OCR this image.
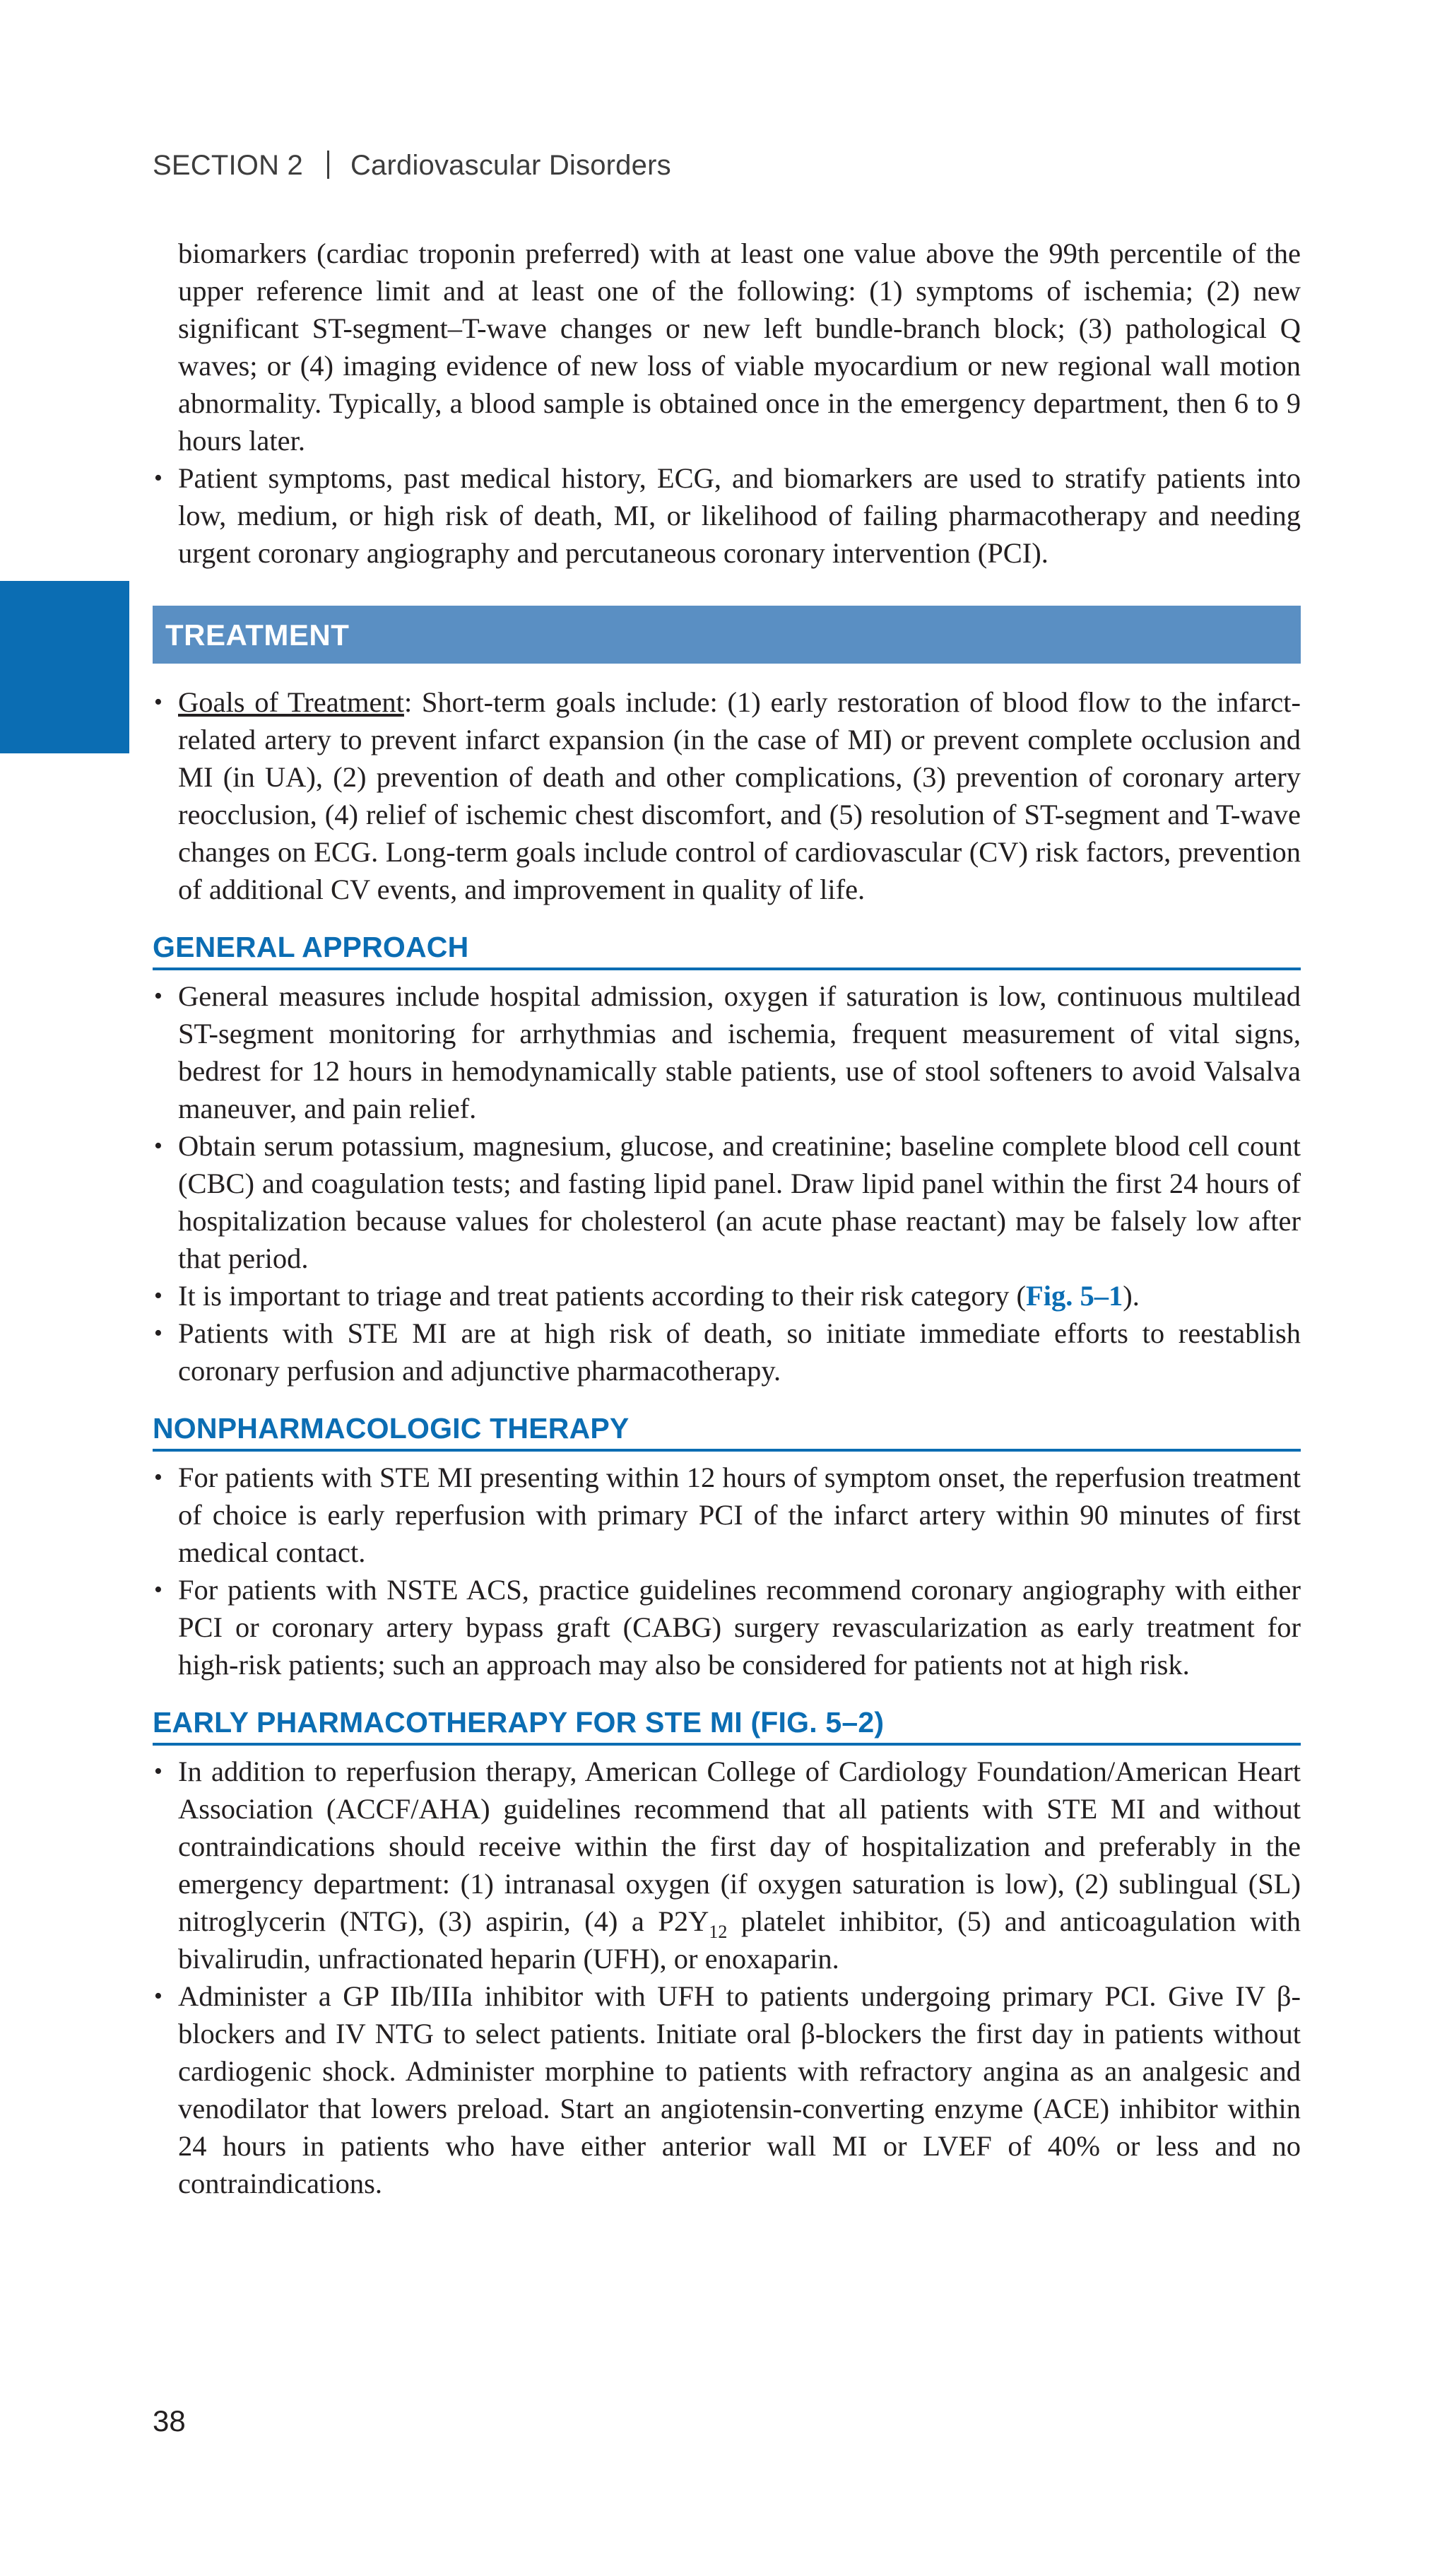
SECTION 2 Cardiovascular Disorders

biomarkers (cardiac troponin preferred) with at least one value above the 99th percentile of the upper reference limit and at least one of the following: (1) symptoms of ischemia; (2) new significant ST-segment–T-wave changes or new left bundle-branch block; (3) pathological Q waves; or (4) imaging evidence of new loss of viable myocardium or new regional wall motion abnormality. Typically, a blood sample is obtained once in the emergency department, then 6 to 9 hours later.

• Patient symptoms, past medical history, ECG, and biomarkers are used to stratify patients into low, medium, or high risk of death, MI, or likelihood of failing pharmacotherapy and needing urgent coronary angiography and percutaneous coronary intervention (PCI).

TREATMENT

• Goals of Treatment: Short-term goals include: (1) early restoration of blood flow to the infarct-related artery to prevent infarct expansion (in the case of MI) or prevent complete occlusion and MI (in UA), (2) prevention of death and other complications, (3) prevention of coronary artery reocclusion, (4) relief of ischemic chest discomfort, and (5) resolution of ST-segment and T-wave changes on ECG. Long-term goals include control of cardiovascular (CV) risk factors, prevention of additional CV events, and improvement in quality of life.

GENERAL APPROACH

• General measures include hospital admission, oxygen if saturation is low, continuous multilead ST-segment monitoring for arrhythmias and ischemia, frequent measurement of vital signs, bedrest for 12 hours in hemodynamically stable patients, use of stool softeners to avoid Valsalva maneuver, and pain relief.

• Obtain serum potassium, magnesium, glucose, and creatinine; baseline complete blood cell count (CBC) and coagulation tests; and fasting lipid panel. Draw lipid panel within the first 24 hours of hospitalization because values for cholesterol (an acute phase reactant) may be falsely low after that period.

• It is important to triage and treat patients according to their risk category (Fig. 5–1).

• Patients with STE MI are at high risk of death, so initiate immediate efforts to reestablish coronary perfusion and adjunctive pharmacotherapy.

NONPHARMACOLOGIC THERAPY

• For patients with STE MI presenting within 12 hours of symptom onset, the reperfusion treatment of choice is early reperfusion with primary PCI of the infarct artery within 90 minutes of first medical contact.

• For patients with NSTE ACS, practice guidelines recommend coronary angiography with either PCI or coronary artery bypass graft (CABG) surgery revascularization as early treatment for high-risk patients; such an approach may also be considered for patients not at high risk.

EARLY PHARMACOTHERAPY FOR STE MI (FIG. 5–2)

• In addition to reperfusion therapy, American College of Cardiology Foundation/American Heart Association (ACCF/AHA) guidelines recommend that all patients with STE MI and without contraindications should receive within the first day of hospitalization and preferably in the emergency department: (1) intranasal oxygen (if oxygen saturation is low), (2) sublingual (SL) nitroglycerin (NTG), (3) aspirin, (4) a $P2Y_{12}$ platelet inhibitor, (5) and anticoagulation with bivalirudin, unfractionated heparin (UFH), or enoxaparin.

• Administer a GP IIb/IIIa inhibitor with UFH to patients undergoing primary PCI. Give IV β-blockers and IV NTG to select patients. Initiate oral β-blockers the first day in patients without cardiogenic shock. Administer morphine to patients with refractory angina as an analgesic and venodilator that lowers preload. Start an angiotensin-converting enzyme (ACE) inhibitor within 24 hours in patients who have either anterior wall MI or LVEF of 40% or less and no contraindications.

38
